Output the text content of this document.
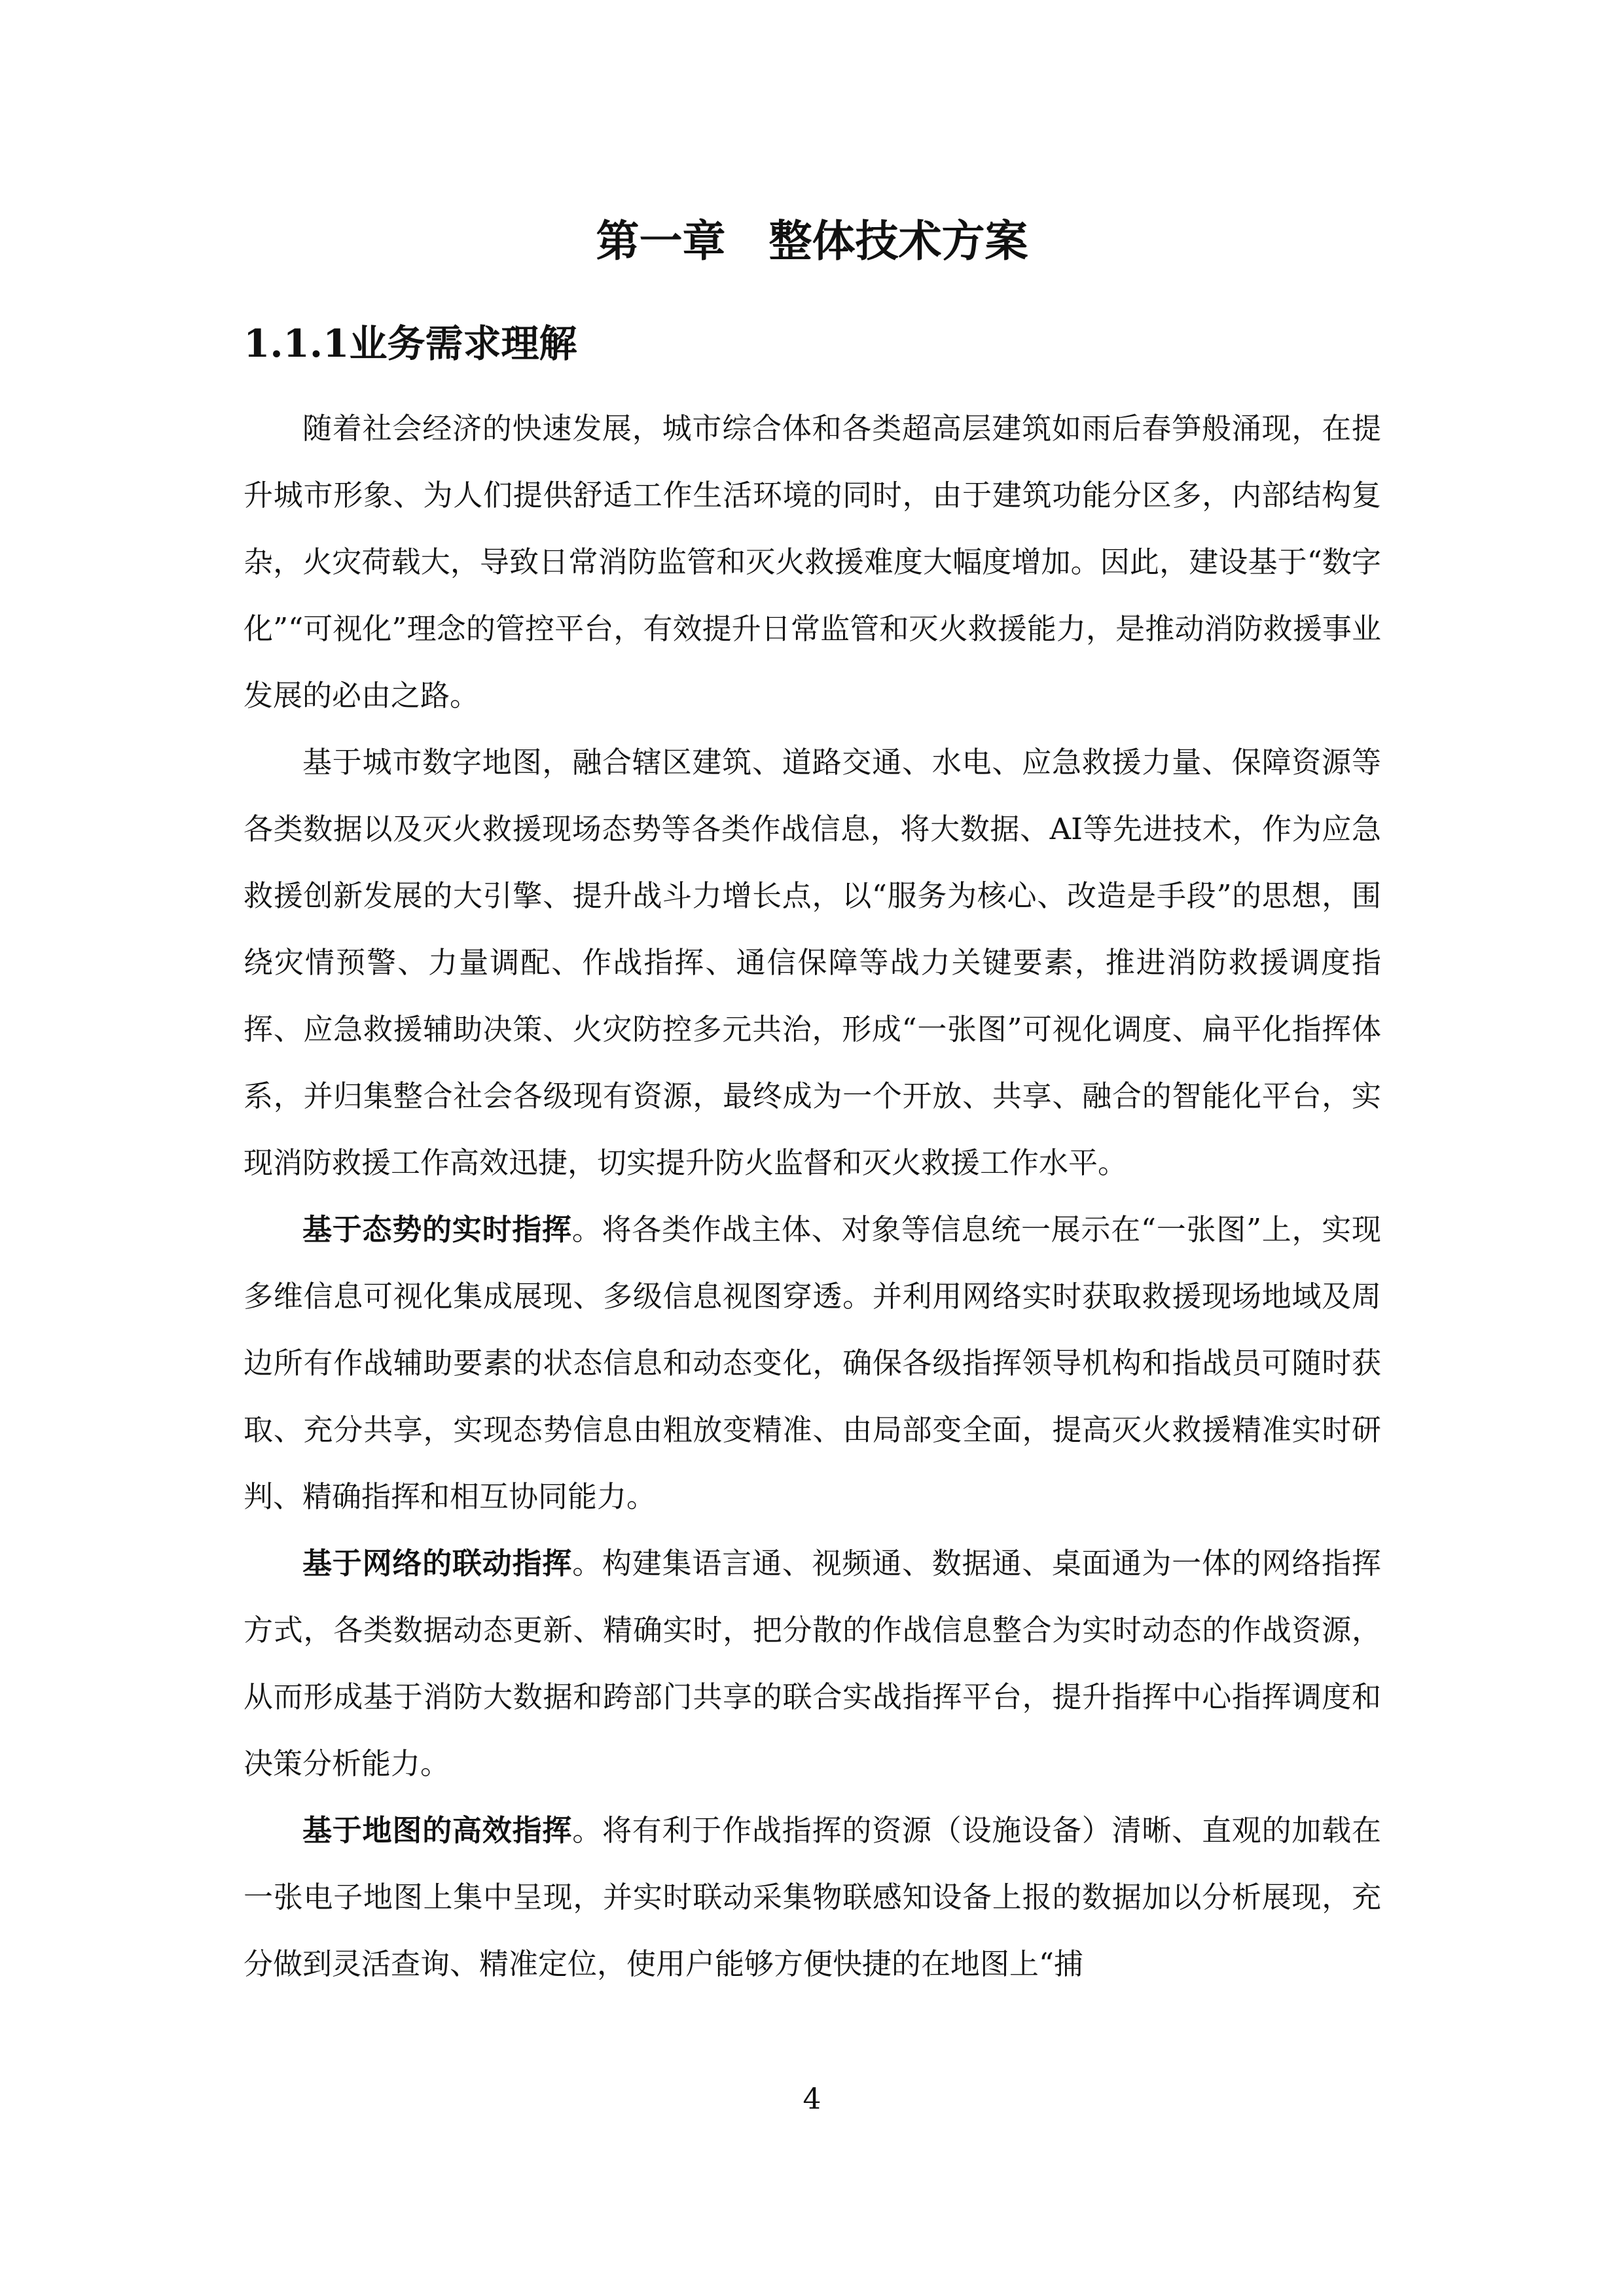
第一章　整体技术方案
1.1.1业务需求理解

随着社会经济的快速发展，城市综合体和各类超高层建筑如雨后春笋般涌现，在提升城市形象、为人们提供舒适工作生活环境的同时，由于建筑功能分区多，内部结构复杂，火灾荷载大，导致日常消防监管和灭火救援难度大幅度增加。因此，建设基于“数字化”“可视化”理念的管控平台，有效提升日常监管和灭火救援能力，是推动消防救援事业发展的必由之路。

基于城市数字地图，融合辖区建筑、道路交通、水电、应急救援力量、保障资源等各类数据以及灭火救援现场态势等各类作战信息，将大数据、AI等先进技术，作为应急救援创新发展的大引擎、提升战斗力增长点，以“服务为核心、改造是手段”的思想，围绕灾情预警、力量调配、作战指挥、通信保障等战力关键要素，推进消防救援调度指挥、应急救援辅助决策、火灾防控多元共治，形成“一张图”可视化调度、扁平化指挥体系，并归集整合社会各级现有资源，最终成为一个开放、共享、融合的智能化平台，实现消防救援工作高效迅捷，切实提升防火监督和灭火救援工作水平。

基于态势的实时指挥。将各类作战主体、对象等信息统一展示在“一张图”上，实现多维信息可视化集成展现、多级信息视图穿透。并利用网络实时获取救援现场地域及周边所有作战辅助要素的状态信息和动态变化，确保各级指挥领导机构和指战员可随时获取、充分共享，实现态势信息由粗放变精准、由局部变全面，提高灭火救援精准实时研判、精确指挥和相互协同能力。

基于网络的联动指挥。构建集语言通、视频通、数据通、桌面通为一体的网络指挥方式，各类数据动态更新、精确实时，把分散的作战信息整合为实时动态的作战资源，从而形成基于消防大数据和跨部门共享的联合实战指挥平台，提升指挥中心指挥调度和决策分析能力。

基于地图的高效指挥。将有利于作战指挥的资源（设施设备）清晰、直观的加载在一张电子地图上集中呈现，并实时联动采集物联感知设备上报的数据加以分析展现，充分做到灵活查询、精准定位，使用户能够方便快捷的在地图上“捕

4
